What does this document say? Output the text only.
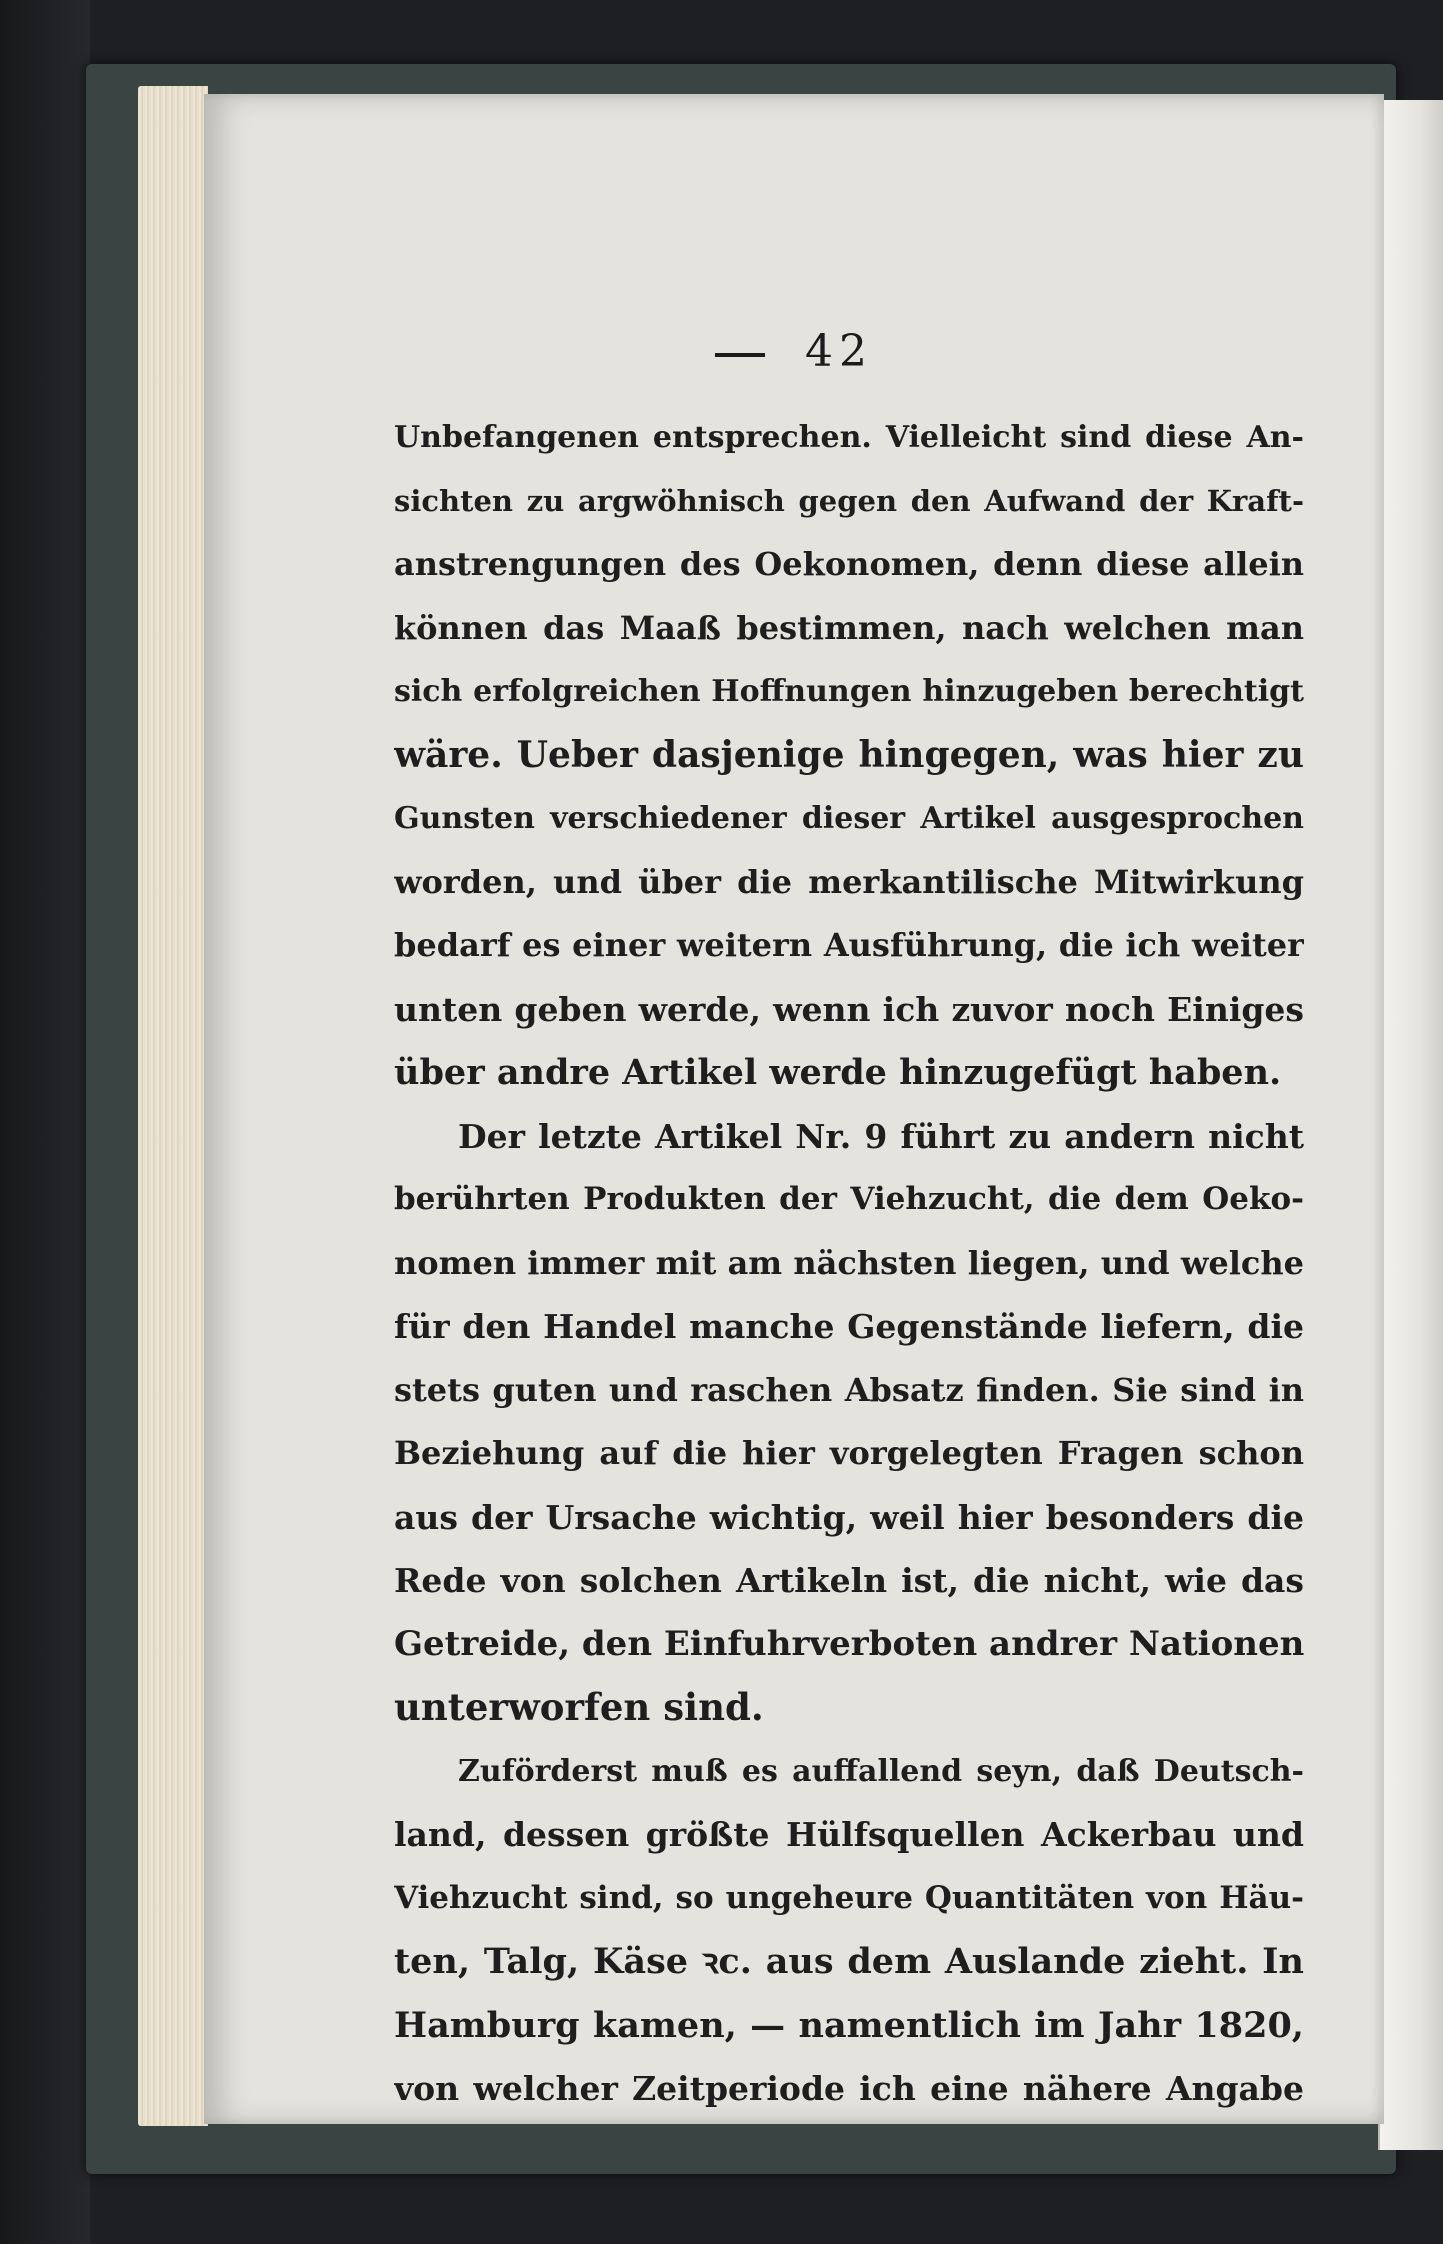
42
Unbefangenen entsprechen. Vielleicht sind diese An-
sichten zu argwöhnisch gegen den Aufwand der Kraft-
anstrengungen des Oekonomen, denn diese allein
können das Maaß bestimmen, nach welchen man
sich erfolgreichen Hoffnungen hinzugeben berechtigt
wäre. Ueber dasjenige hingegen, was hier zu
Gunsten verschiedener dieser Artikel ausgesprochen
worden, und über die merkantilische Mitwirkung
bedarf es einer weitern Ausführung, die ich weiter
unten geben werde, wenn ich zuvor noch Einiges
über andre Artikel werde hinzugefügt haben.
Der letzte Artikel Nr. 9 führt zu andern nicht
berührten Produkten der Viehzucht, die dem Oeko-
nomen immer mit am nächsten liegen, und welche
für den Handel manche Gegenstände liefern, die
stets guten und raschen Absatz finden. Sie sind in
Beziehung auf die hier vorgelegten Fragen schon
aus der Ursache wichtig, weil hier besonders die
Rede von solchen Artikeln ist, die nicht, wie das
Getreide, den Einfuhrverboten andrer Nationen
unterworfen sind.
Zuförderst muß es auffallend seyn, daß Deutsch-
land, dessen größte Hülfsquellen Ackerbau und
Viehzucht sind, so ungeheure Quantitäten von Häu-
ten, Talg, Käse ꝛc. aus dem Auslande zieht. In
Hamburg kamen, — namentlich im Jahr 1820,
von welcher Zeitperiode ich eine nähere Angabe
